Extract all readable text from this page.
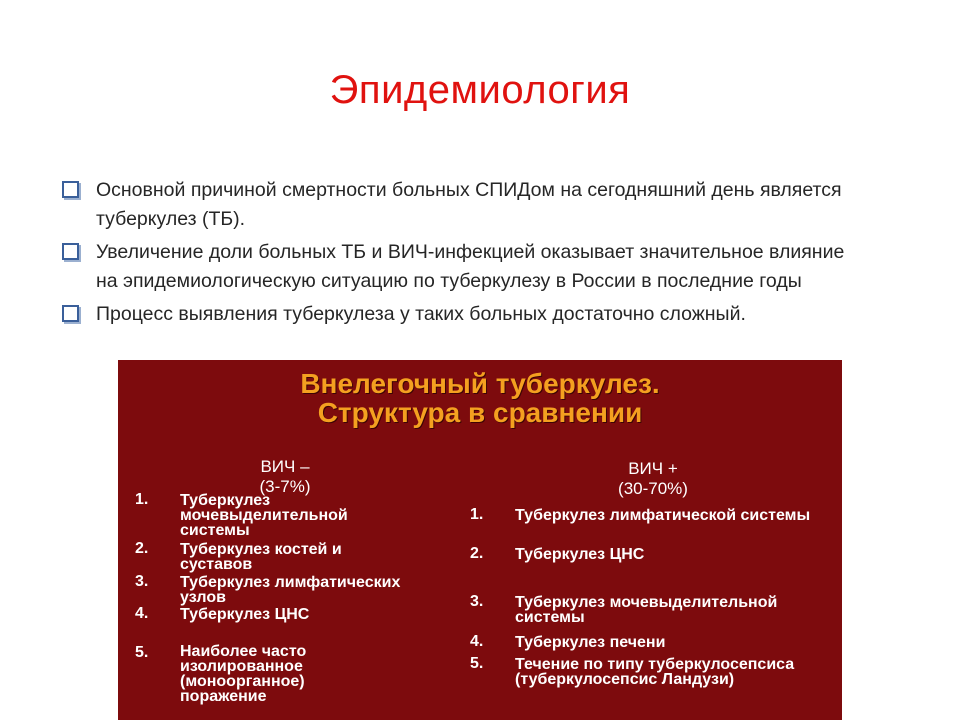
Эпидемиология
Основной причиной смертности больных СПИДом на сегодняшний день является туберкулез (ТБ).
Увеличение доли больных ТБ и ВИЧ-инфекцией оказывает значительное влияние на эпидемиологическую ситуацию по туберкулезу в России в последние годы
Процесс выявления туберкулеза у таких больных достаточно сложный.
Внелегочный туберкулез.
Структура в сравнении
ВИЧ –
(3-7%)
1. Туберкулез мочевыделительной системы
2. Туберкулез костей и суставов
3. Туберкулез лимфатических узлов
4. Туберкулез ЦНС
5. Наиболее часто изолированное (моноорганное) поражение
ВИЧ +
(30-70%)
1. Туберкулез лимфатической системы
2. Туберкулез ЦНС
3. Туберкулез мочевыделительной системы
4. Туберкулез печени
5. Течение по типу туберкулосепсиса (туберкулосепсис Ландузи)
